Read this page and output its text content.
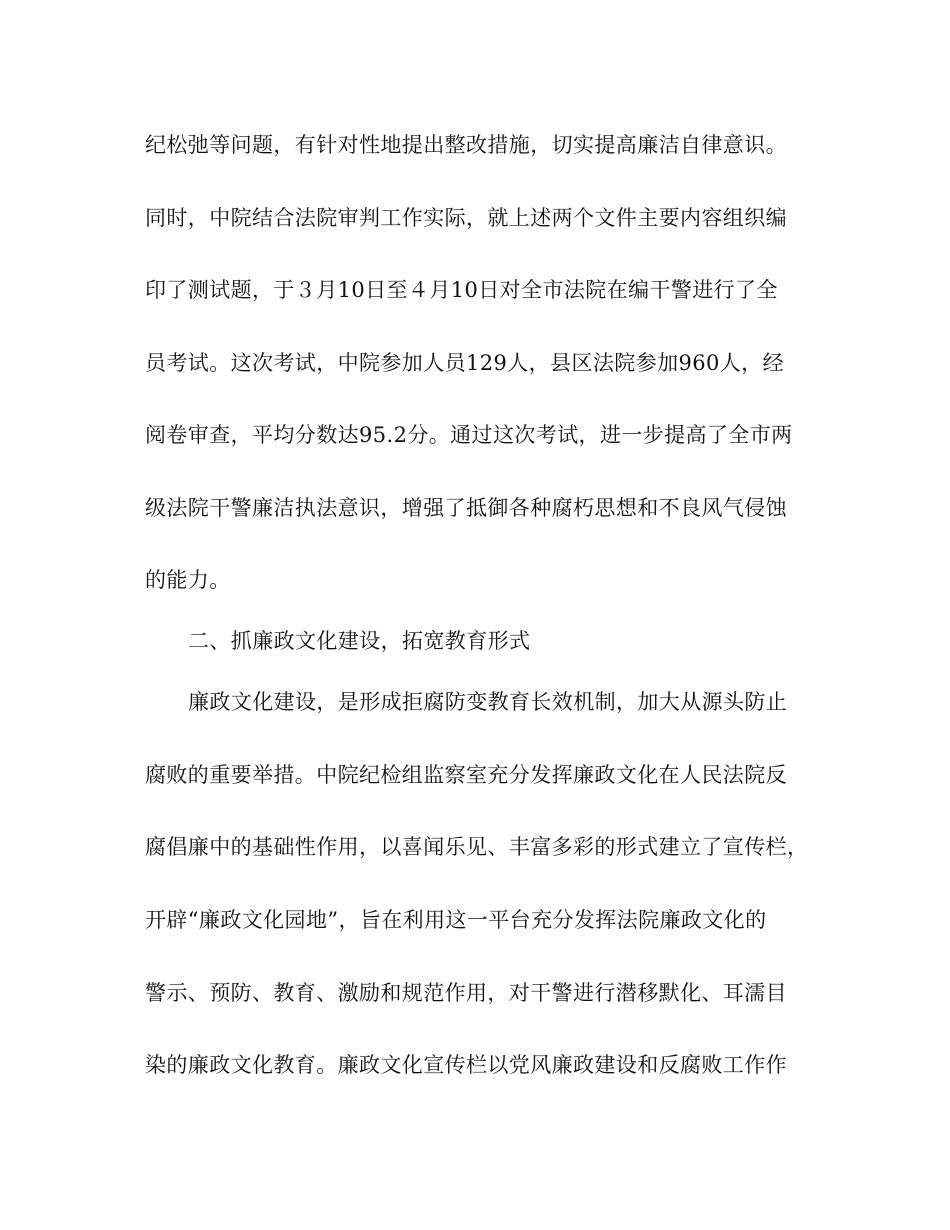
纪松弛等问题，有针对性地提出整改措施，切实提高廉洁自律意识。
同时，中院结合法院审判工作实际，就上述两个文件主要内容组织编
印了测试题，于３月10日至４月10日对全市法院在编干警进行了全
员考试。这次考试，中院参加人员129人，县区法院参加960人，经
阅卷审查，平均分数达95.2分。通过这次考试，进一步提高了全市两
级法院干警廉洁执法意识，增强了抵御各种腐朽思想和不良风气侵蚀
的能力。
二、抓廉政文化建设，拓宽教育形式
廉政文化建设，是形成拒腐防变教育长效机制，加大从源头防止
腐败的重要举措。中院纪检组监察室充分发挥廉政文化在人民法院反
腐倡廉中的基础性作用，以喜闻乐见、丰富多彩的形式建立了宣传栏，
开辟“廉政文化园地”，旨在利用这一平台充分发挥法院廉政文化的
警示、预防、教育、激励和规范作用，对干警进行潜移默化、耳濡目
染的廉政文化教育。廉政文化宣传栏以党风廉政建设和反腐败工作作
